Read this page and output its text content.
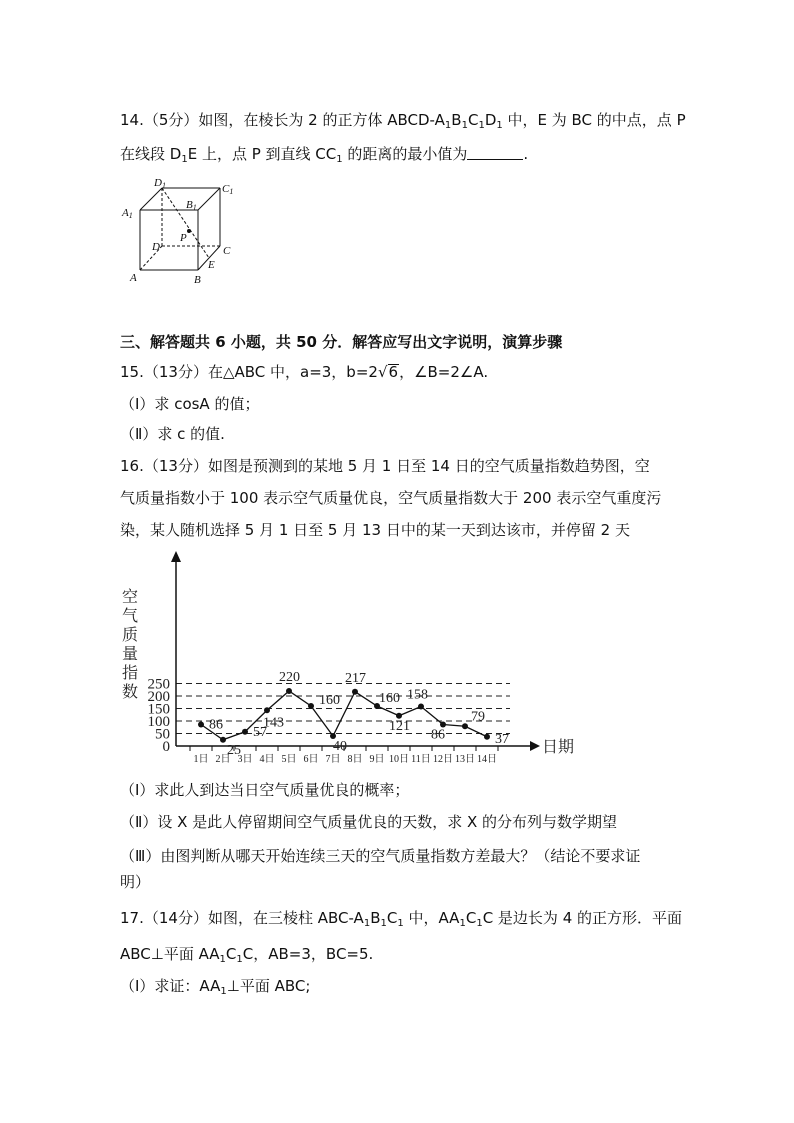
14.（5分）如图，在棱长为 2 的正方体 ABCD-$A_1B_1C_1D_1$ 中，E 为 BC 的中点，点 P
在线段 $D_1E$ 上，点 P 到直线 $CC_1$ 的距离的最小值为	.
D1	C1
A1
B1
P
D	C
E
A	B
三、解答题共 6 小题，共 50 分．解答应写出文字说明，演算步骤
15.（13分）在△ABC 中，a=3，b=2√6，∠B=2∠A.
（Ⅰ）求 cosA 的值；
（Ⅱ）求 c 的值.
16.（13分）如图是预测到的某地 5 月 1 日至 14 日的空气质量指数趋势图，空
气质量指数小于 100 表示空气质量优良，空气质量指数大于 200 表示空气重度污
染，某人随机选择 5 月 1 日至 5 月 13 日中的某一天到达该市，并停留 2 天
0
50
100
150
200
250
空
气
质
量
指
数
日期
1日 2日 3日 4日 5日 6日 7日 8日 9日 10日 11日 12日 13日 14日
86
25
57
143
220
160
40
217
160
121
158
86
79
37
（Ⅰ）求此人到达当日空气质量优良的概率；
（Ⅱ）设 X 是此人停留期间空气质量优良的天数，求 X 的分布列与数学期望
（Ⅲ）由图判断从哪天开始连续三天的空气质量指数方差最大？（结论不要求证
明）
17.（14分）如图，在三棱柱 ABC-$A_1B_1C_1$ 中，$AA_1C_1C$ 是边长为 4 的正方形．平面
ABC⊥平面 $AA_1C_1C$，AB=3，BC=5.
（Ⅰ）求证：$AA_1\perp$平面 ABC;
